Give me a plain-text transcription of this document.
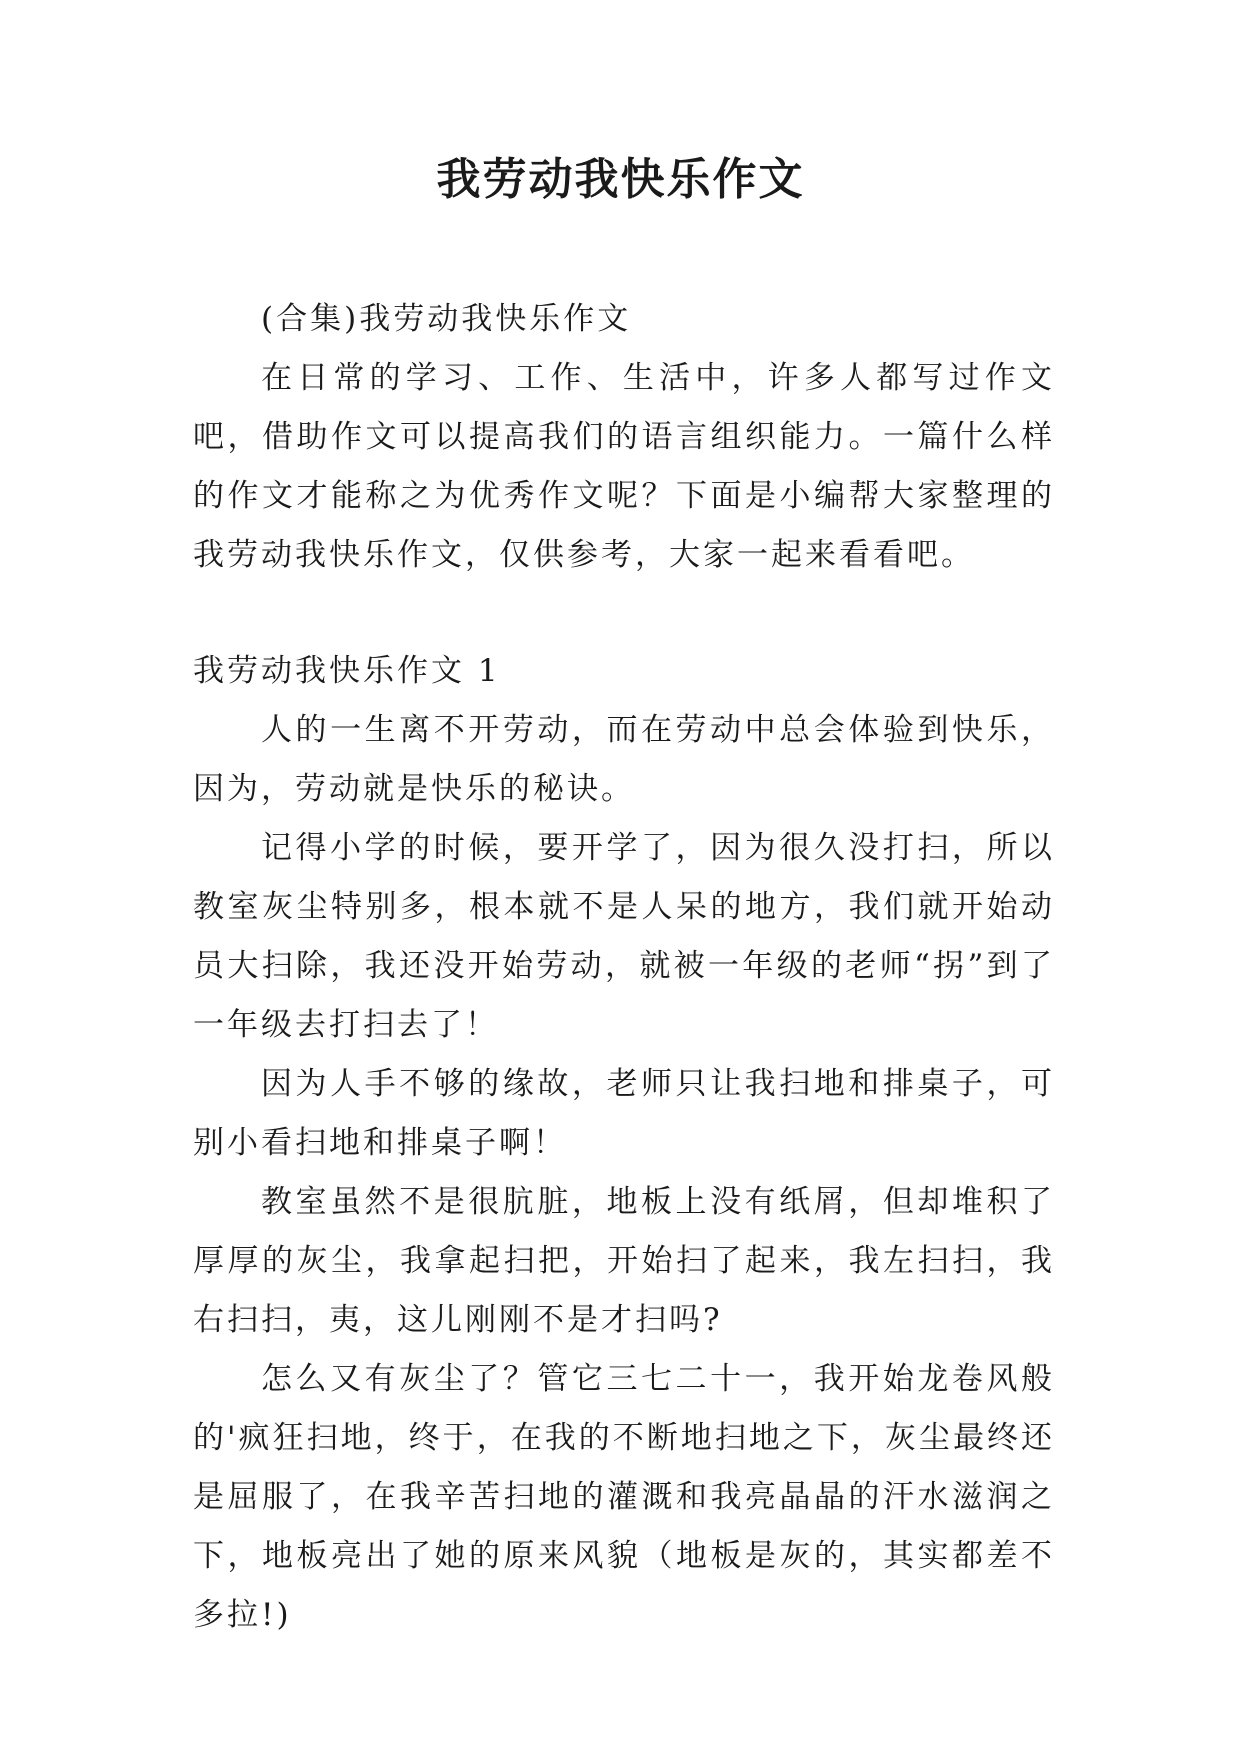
我劳动我快乐作文

(合集)我劳动我快乐作文

在日常的学习、工作、生活中，许多人都写过作文吧，借助作文可以提高我们的语言组织能力。一篇什么样的作文才能称之为优秀作文呢？下面是小编帮大家整理的我劳动我快乐作文，仅供参考，大家一起来看看吧。

我劳动我快乐作文 1

人的一生离不开劳动，而在劳动中总会体验到快乐，因为，劳动就是快乐的秘诀。

记得小学的时候，要开学了，因为很久没打扫，所以教室灰尘特别多，根本就不是人呆的地方，我们就开始动员大扫除，我还没开始劳动，就被一年级的老师“拐”到了一年级去打扫去了！

因为人手不够的缘故，老师只让我扫地和排桌子，可别小看扫地和排桌子啊！

教室虽然不是很肮脏，地板上没有纸屑，但却堆积了厚厚的灰尘，我拿起扫把，开始扫了起来，我左扫扫，我右扫扫，夷，这儿刚刚不是才扫吗?

怎么又有灰尘了？管它三七二十一，我开始龙卷风般的'疯狂扫地，终于，在我的不断地扫地之下，灰尘最终还是屈服了，在我辛苦扫地的灌溉和我亮晶晶的汗水滋润之下，地板亮出了她的原来风貌（地板是灰的，其实都差不多拉!)
